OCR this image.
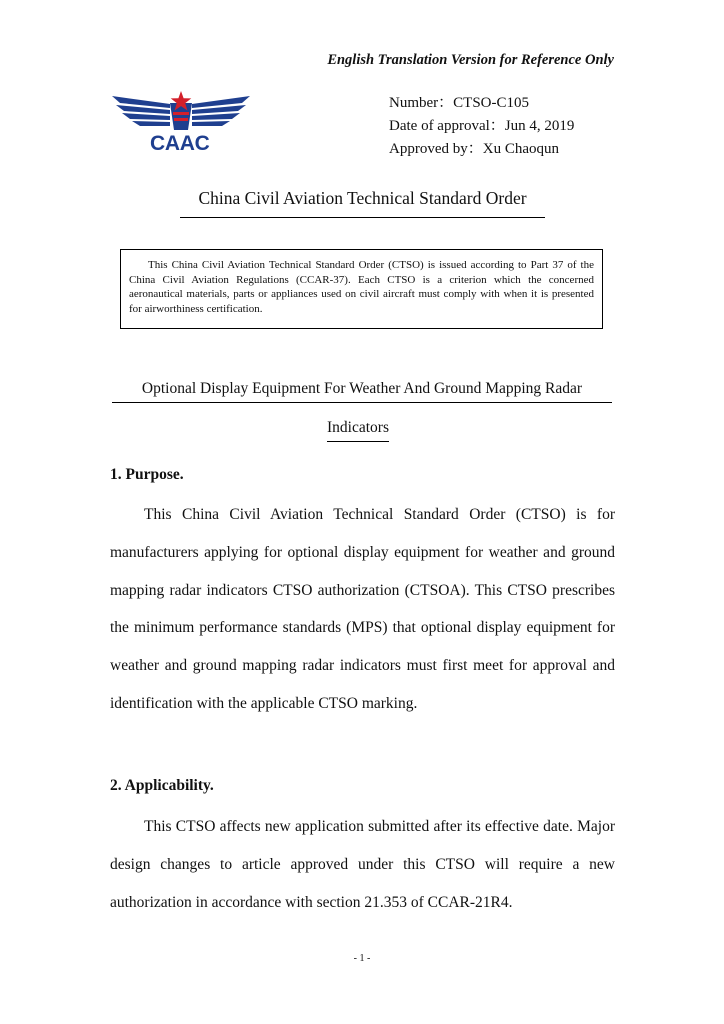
English Translation Version for Reference Only
CAAC
Number：CTSO-C105
Date of approval：Jun 4, 2019
Approved by：Xu Chaoqun
China Civil Aviation Technical Standard Order
This China Civil Aviation Technical Standard Order (CTSO) is issued according to Part 37 of the China Civil Aviation Regulations (CCAR-37). Each CTSO is a criterion which the concerned aeronautical materials, parts or appliances used on civil aircraft must comply with when it is presented for airworthiness certification.
Optional Display Equipment For Weather And Ground Mapping Radar
Indicators
1. Purpose.
This China Civil Aviation Technical Standard Order (CTSO) is for manufacturers applying for optional display equipment for weather and ground mapping radar indicators CTSO authorization (CTSOA). This CTSO prescribes the minimum performance standards (MPS) that optional display equipment for weather and ground mapping radar indicators must first meet for approval and identification with the applicable CTSO marking.
2. Applicability.
This CTSO affects new application submitted after its effective date. Major design changes to article approved under this CTSO will require a new authorization in accordance with section 21.353 of CCAR-21R4.
- 1 -
